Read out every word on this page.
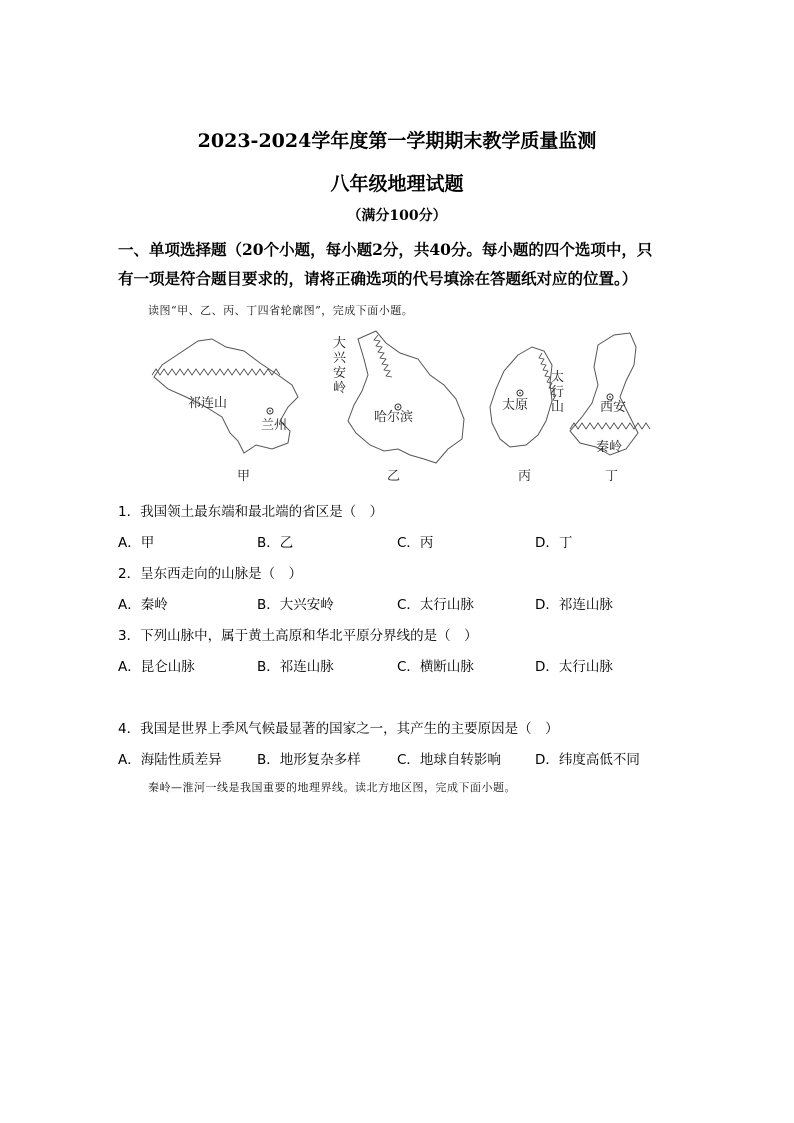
2023-2024学年度第一学期期末教学质量监测
八年级地理试题
（满分100分）
一、单项选择题（20个小题，每小题2分，共40分。每小题的四个选项中，只
有一项是符合题目要求的，请将正确选项的代号填涂在答题纸对应的位置。）
读图“甲、乙、丙、丁四省轮廓图”，完成下面小题。
祁连山
兰州
甲
大
兴
安
岭
哈尔滨
乙
太
行
山
太原
丙
西安
秦岭
丁
1．我国领土最东端和最北端的省区是（　）
A．甲	B．乙	C．丙	D．丁
2．呈东西走向的山脉是（　）
A．秦岭	B．大兴安岭	C．太行山脉	D．祁连山脉
3．下列山脉中，属于黄土高原和华北平原分界线的是（　）
A．昆仑山脉	B．祁连山脉	C．横断山脉	D．太行山脉
4．我国是世界上季风气候最显著的国家之一，其产生的主要原因是（　）
A．海陆性质差异	B．地形复杂多样	C．地球自转影响	D．纬度高低不同
秦岭—淮河一线是我国重要的地理界线。读北方地区图，完成下面小题。
